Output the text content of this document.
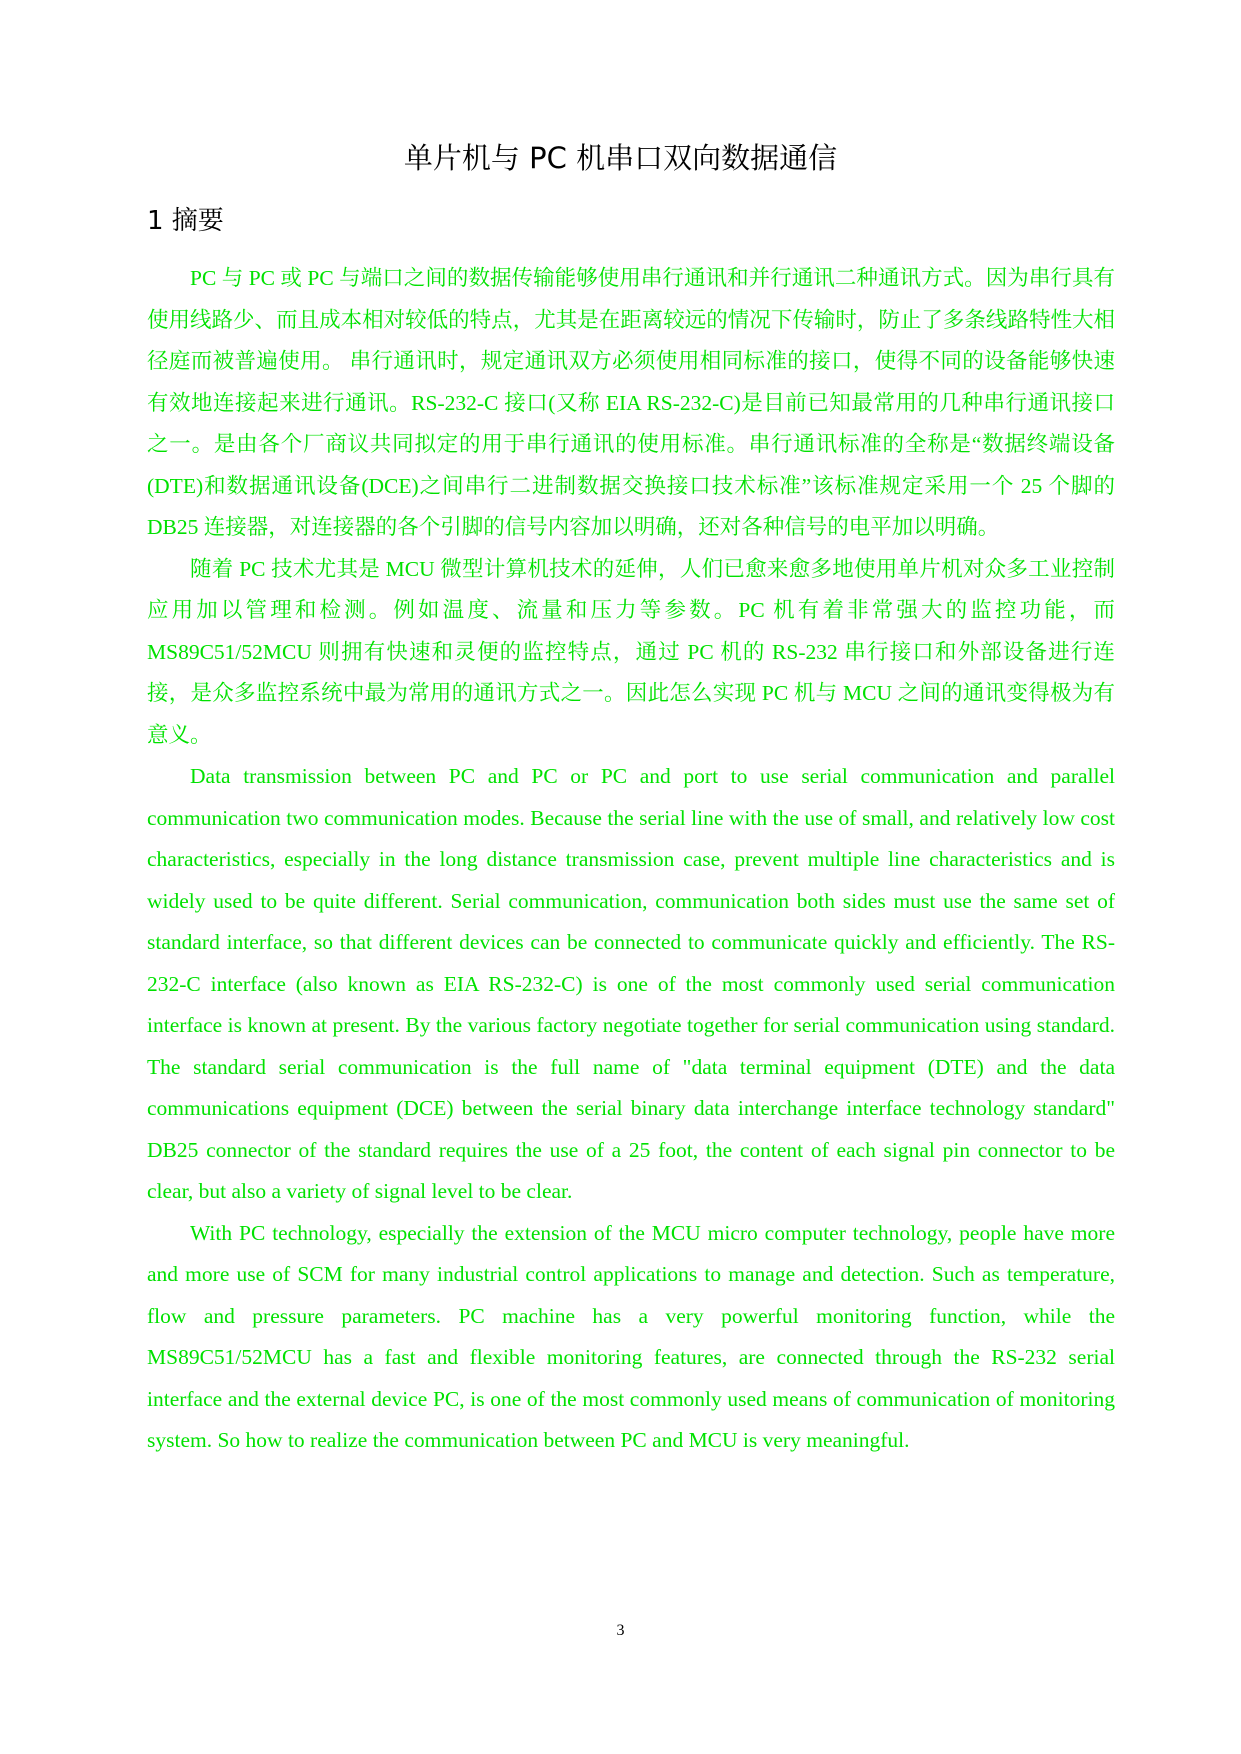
单片机与 PC 机串口双向数据通信
1 摘要

PC 与 PC 或 PC 与端口之间的数据传输能够使用串行通讯和并行通讯二种通讯方式。因为串行具有使用线路少、而且成本相对较低的特点，尤其是在距离较远的情况下传输时，防止了多条线路特性大相径庭而被普遍使用。 串行通讯时，规定通讯双方必须使用相同标准的接口，使得不同的设备能够快速有效地连接起来进行通讯。RS-232-C 接口(又称 EIA RS-232-C)是目前已知最常用的几种串行通讯接口之一。是由各个厂商议共同拟定的用于串行通讯的使用标准。串行通讯标准的全称是“数据终端设备(DTE)和数据通讯设备(DCE)之间串行二进制数据交换接口技术标准”该标准规定采用一个 25 个脚的 DB25 连接器，对连接器的各个引脚的信号内容加以明确，还对各种信号的电平加以明确。

随着 PC 技术尤其是 MCU 微型计算机技术的延伸，人们已愈来愈多地使用单片机对众多工业控制应用加以管理和检测。例如温度、流量和压力等参数。PC 机有着非常强大的监控功能，而 MS89C51/52MCU 则拥有快速和灵便的监控特点，通过 PC 机的 RS-232 串行接口和外部设备进行连接，是众多监控系统中最为常用的通讯方式之一。因此怎么实现 PC 机与 MCU 之间的通讯变得极为有意义。

Data transmission between PC and PC or PC and port to use serial communication and parallel communication two communication modes. Because the serial line with the use of small, and relatively low cost characteristics, especially in the long distance transmission case, prevent multiple line characteristics and is widely used to be quite different. Serial communication, communication both sides must use the same set of standard interface, so that different devices can be connected to communicate quickly and efficiently. The RS-232-C interface (also known as EIA RS-232-C) is one of the most commonly used serial communication interface is known at present. By the various factory negotiate together for serial communication using standard. The standard serial communication is the full name of "data terminal equipment (DTE) and the data communications equipment (DCE) between the serial binary data interchange interface technology standard" DB25 connector of the standard requires the use of a 25 foot, the content of each signal pin connector to be clear, but also a variety of signal level to be clear.

With PC technology, especially the extension of the MCU micro computer technology, people have more and more use of SCM for many industrial control applications to manage and detection. Such as temperature, flow and pressure parameters. PC machine has a very powerful monitoring function, while the MS89C51/52MCU has a fast and flexible monitoring features, are connected through the RS-232 serial interface and the external device PC, is one of the most commonly used means of communication of monitoring system. So how to realize the communication between PC and MCU is very meaningful.

3
